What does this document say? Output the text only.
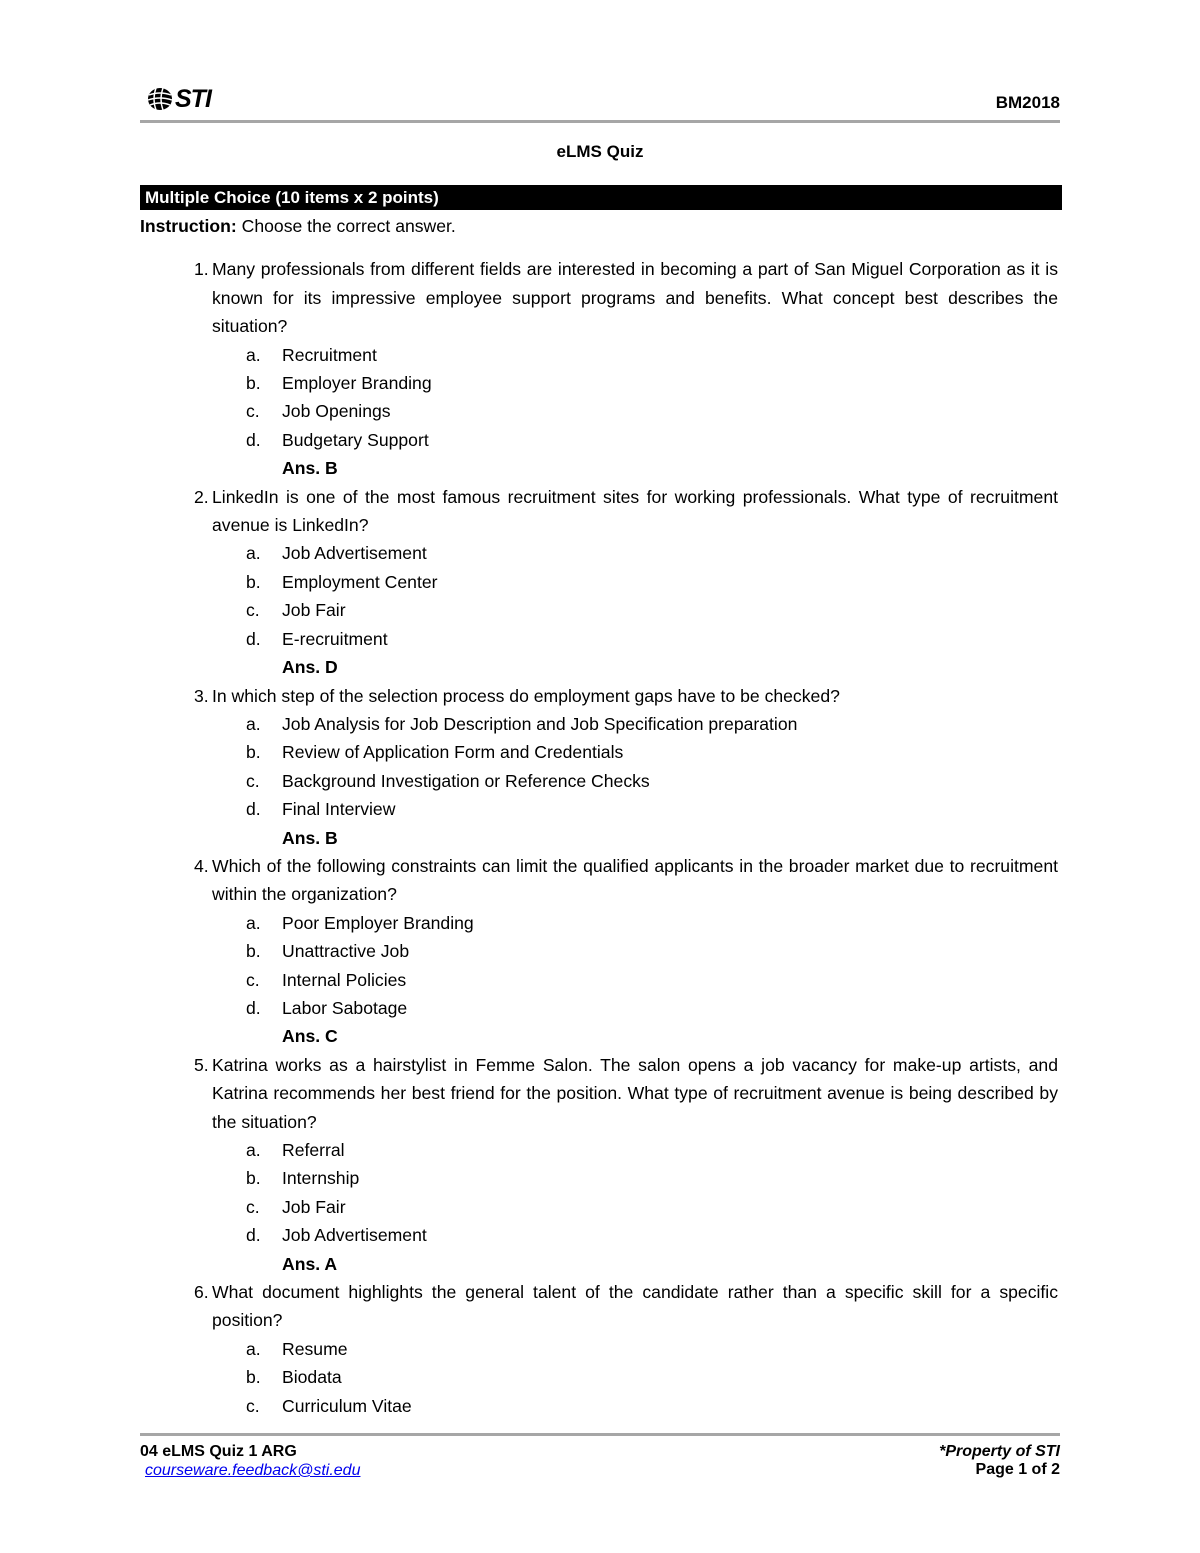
STI	BM2018
eLMS Quiz
Multiple Choice (10 items x 2 points)
Instruction: Choose the correct answer.
1. Many professionals from different fields are interested in becoming a part of San Miguel Corporation as it is known for its impressive employee support programs and benefits. What concept best describes the situation?
a.	Recruitment
b.	Employer Branding
c.	Job Openings
d.	Budgetary Support
Ans. B
2. LinkedIn is one of the most famous recruitment sites for working professionals. What type of recruitment avenue is LinkedIn?
a.	Job Advertisement
b.	Employment Center
c.	Job Fair
d.	E-recruitment
Ans. D
3. In which step of the selection process do employment gaps have to be checked?
a.	Job Analysis for Job Description and Job Specification preparation
b.	Review of Application Form and Credentials
c.	Background Investigation or Reference Checks
d.	Final Interview
Ans. B
4. Which of the following constraints can limit the qualified applicants in the broader market due to recruitment within the organization?
a.	Poor Employer Branding
b.	Unattractive Job
c.	Internal Policies
d.	Labor Sabotage
Ans. C
5. Katrina works as a hairstylist in Femme Salon. The salon opens a job vacancy for make-up artists, and Katrina recommends her best friend for the position. What type of recruitment avenue is being described by the situation?
a.	Referral
b.	Internship
c.	Job Fair
d.	Job Advertisement
Ans. A
6. What document highlights the general talent of the candidate rather than a specific skill for a specific position?
a.	Resume
b.	Biodata
c.	Curriculum Vitae
04 eLMS Quiz 1 ARG
courseware.feedback@sti.edu
*Property of STI
Page 1 of 2
